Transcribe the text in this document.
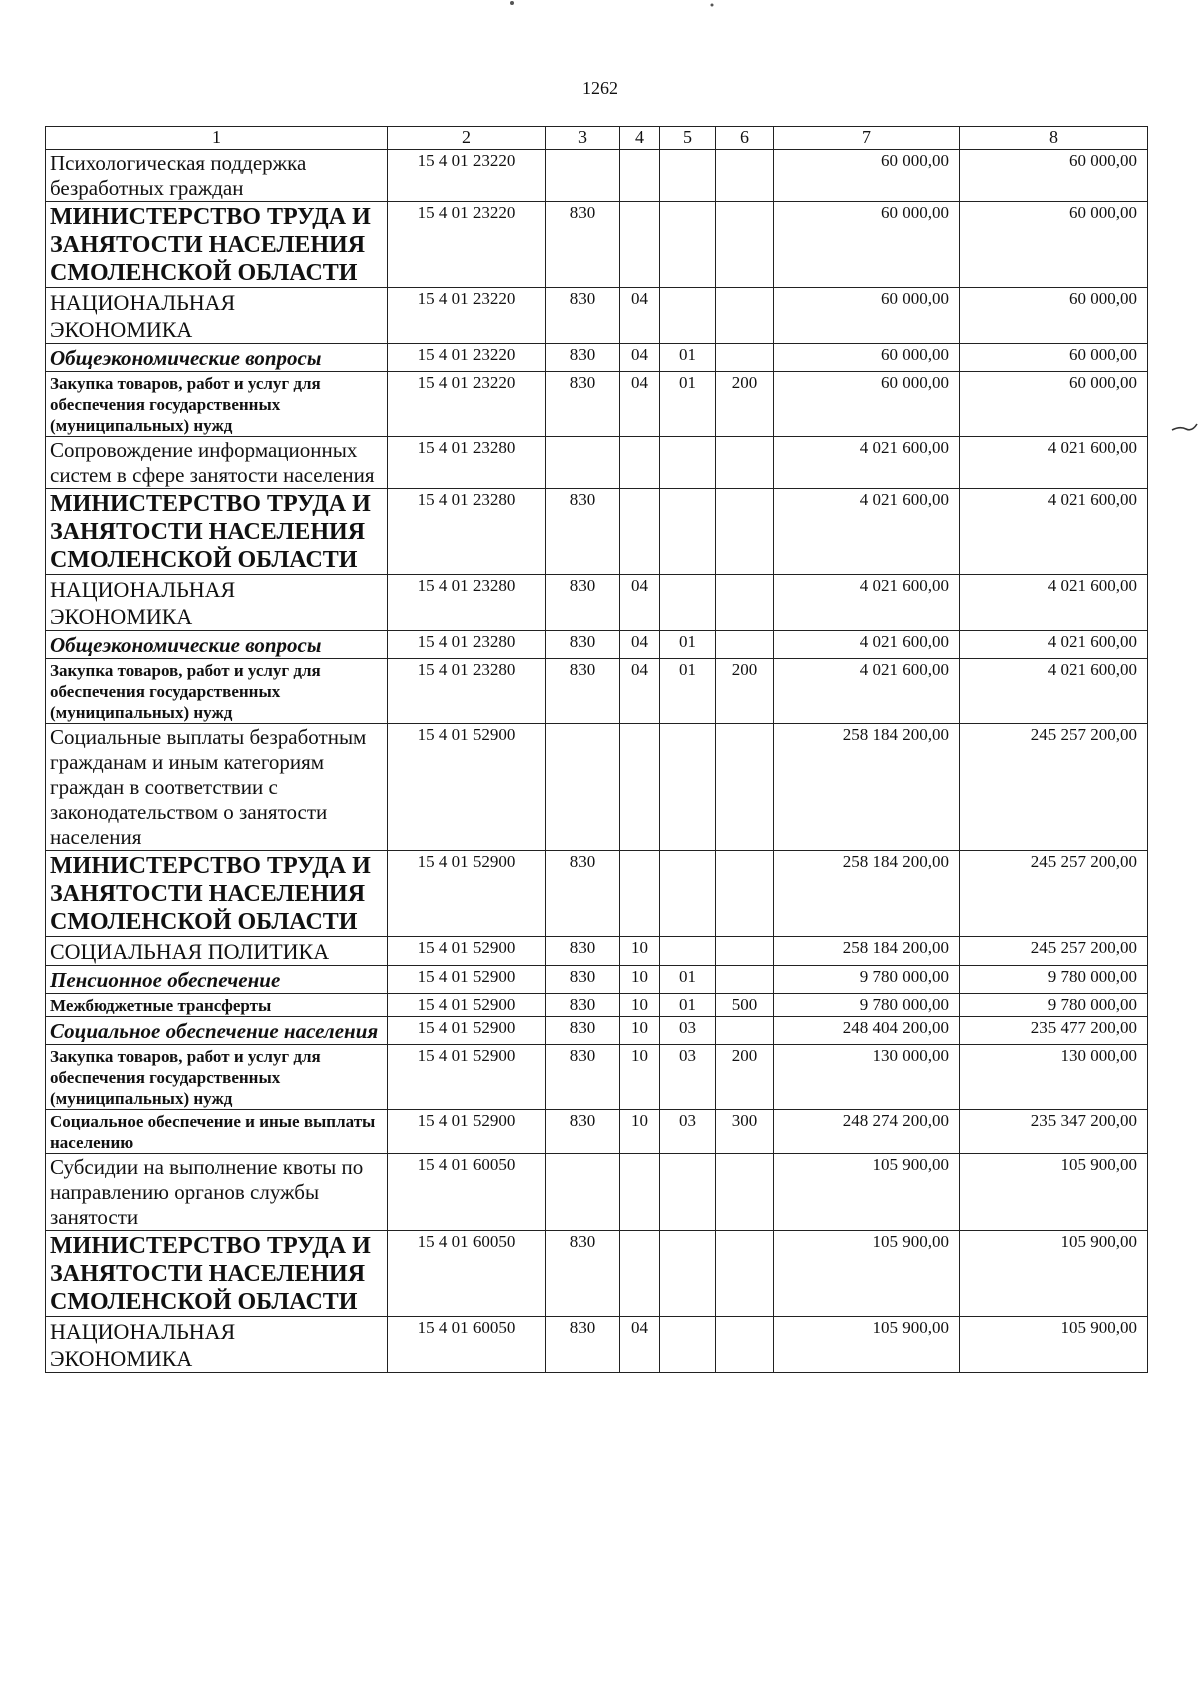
1262
1	2	3	4	5	6	7	8
Психологическая поддержка безработных граждан	15 4 01 23220					60 000,00	60 000,00
МИНИСТЕРСТВО ТРУДА И ЗАНЯТОСТИ НАСЕЛЕНИЯ СМОЛЕНСКОЙ ОБЛАСТИ	15 4 01 23220	830				60 000,00	60 000,00
НАЦИОНАЛЬНАЯ ЭКОНОМИКА	15 4 01 23220	830	04			60 000,00	60 000,00
Общеэкономические вопросы	15 4 01 23220	830	04	01		60 000,00	60 000,00
Закупка товаров, работ и услуг для обеспечения государственных (муниципальных) нужд	15 4 01 23220	830	04	01	200	60 000,00	60 000,00
Сопровождение информационных систем в сфере занятости населения	15 4 01 23280					4 021 600,00	4 021 600,00
МИНИСТЕРСТВО ТРУДА И ЗАНЯТОСТИ НАСЕЛЕНИЯ СМОЛЕНСКОЙ ОБЛАСТИ	15 4 01 23280	830				4 021 600,00	4 021 600,00
НАЦИОНАЛЬНАЯ ЭКОНОМИКА	15 4 01 23280	830	04			4 021 600,00	4 021 600,00
Общеэкономические вопросы	15 4 01 23280	830	04	01		4 021 600,00	4 021 600,00
Закупка товаров, работ и услуг для обеспечения государственных (муниципальных) нужд	15 4 01 23280	830	04	01	200	4 021 600,00	4 021 600,00
Социальные выплаты безработным гражданам и иным категориям граждан в соответствии с законодательством о занятости населения	15 4 01 52900					258 184 200,00	245 257 200,00
МИНИСТЕРСТВО ТРУДА И ЗАНЯТОСТИ НАСЕЛЕНИЯ СМОЛЕНСКОЙ ОБЛАСТИ	15 4 01 52900	830				258 184 200,00	245 257 200,00
СОЦИАЛЬНАЯ ПОЛИТИКА	15 4 01 52900	830	10			258 184 200,00	245 257 200,00
Пенсионное обеспечение	15 4 01 52900	830	10	01		9 780 000,00	9 780 000,00
Межбюджетные трансферты	15 4 01 52900	830	10	01	500	9 780 000,00	9 780 000,00
Социальное обеспечение населения	15 4 01 52900	830	10	03		248 404 200,00	235 477 200,00
Закупка товаров, работ и услуг для обеспечения государственных (муниципальных) нужд	15 4 01 52900	830	10	03	200	130 000,00	130 000,00
Социальное обеспечение и иные выплаты населению	15 4 01 52900	830	10	03	300	248 274 200,00	235 347 200,00
Субсидии на выполнение квоты по направлению органов службы занятости	15 4 01 60050					105 900,00	105 900,00
МИНИСТЕРСТВО ТРУДА И ЗАНЯТОСТИ НАСЕЛЕНИЯ СМОЛЕНСКОЙ ОБЛАСТИ	15 4 01 60050	830				105 900,00	105 900,00
НАЦИОНАЛЬНАЯ ЭКОНОМИКА	15 4 01 60050	830	04			105 900,00	105 900,00
